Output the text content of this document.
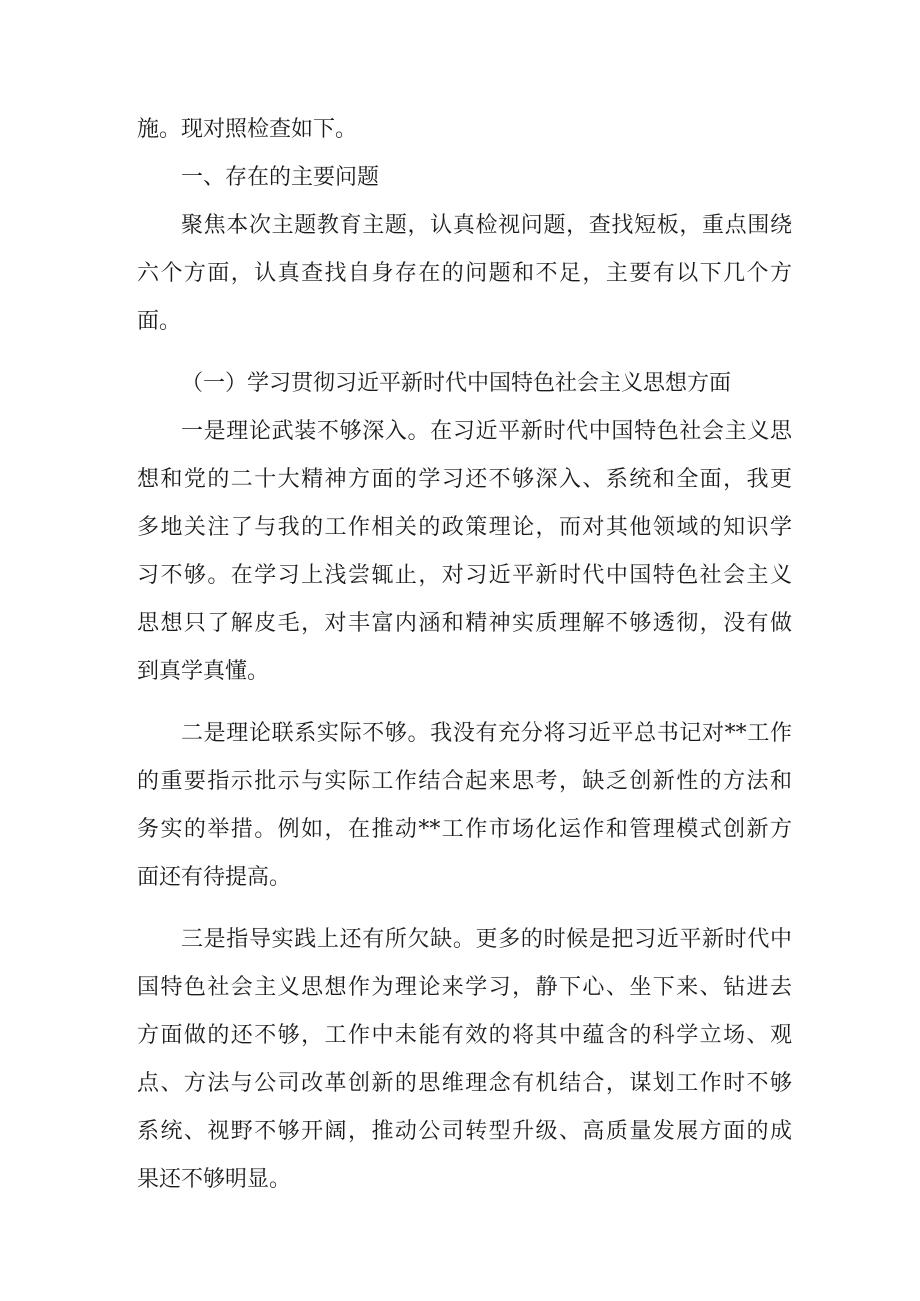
施。现对照检查如下。
一、存在的主要问题
聚焦本次主题教育主题，认真检视问题，查找短板，重点围绕
六个方面，认真查找自身存在的问题和不足，主要有以下几个方
面。
（一）学习贯彻习近平新时代中国特色社会主义思想方面
一是理论武装不够深入。在习近平新时代中国特色社会主义思
想和党的二十大精神方面的学习还不够深入、系统和全面，我更
多地关注了与我的工作相关的政策理论，而对其他领域的知识学
习不够。在学习上浅尝辄止，对习近平新时代中国特色社会主义
思想只了解皮毛，对丰富内涵和精神实质理解不够透彻，没有做
到真学真懂。
二是理论联系实际不够。我没有充分将习近平总书记对**工作
的重要指示批示与实际工作结合起来思考，缺乏创新性的方法和
务实的举措。例如，在推动**工作市场化运作和管理模式创新方
面还有待提高。
三是指导实践上还有所欠缺。更多的时候是把习近平新时代中
国特色社会主义思想作为理论来学习，静下心、坐下来、钻进去
方面做的还不够，工作中未能有效的将其中蕴含的科学立场、观
点、方法与公司改革创新的思维理念有机结合，谋划工作时不够
系统、视野不够开阔，推动公司转型升级、高质量发展方面的成
果还不够明显。
